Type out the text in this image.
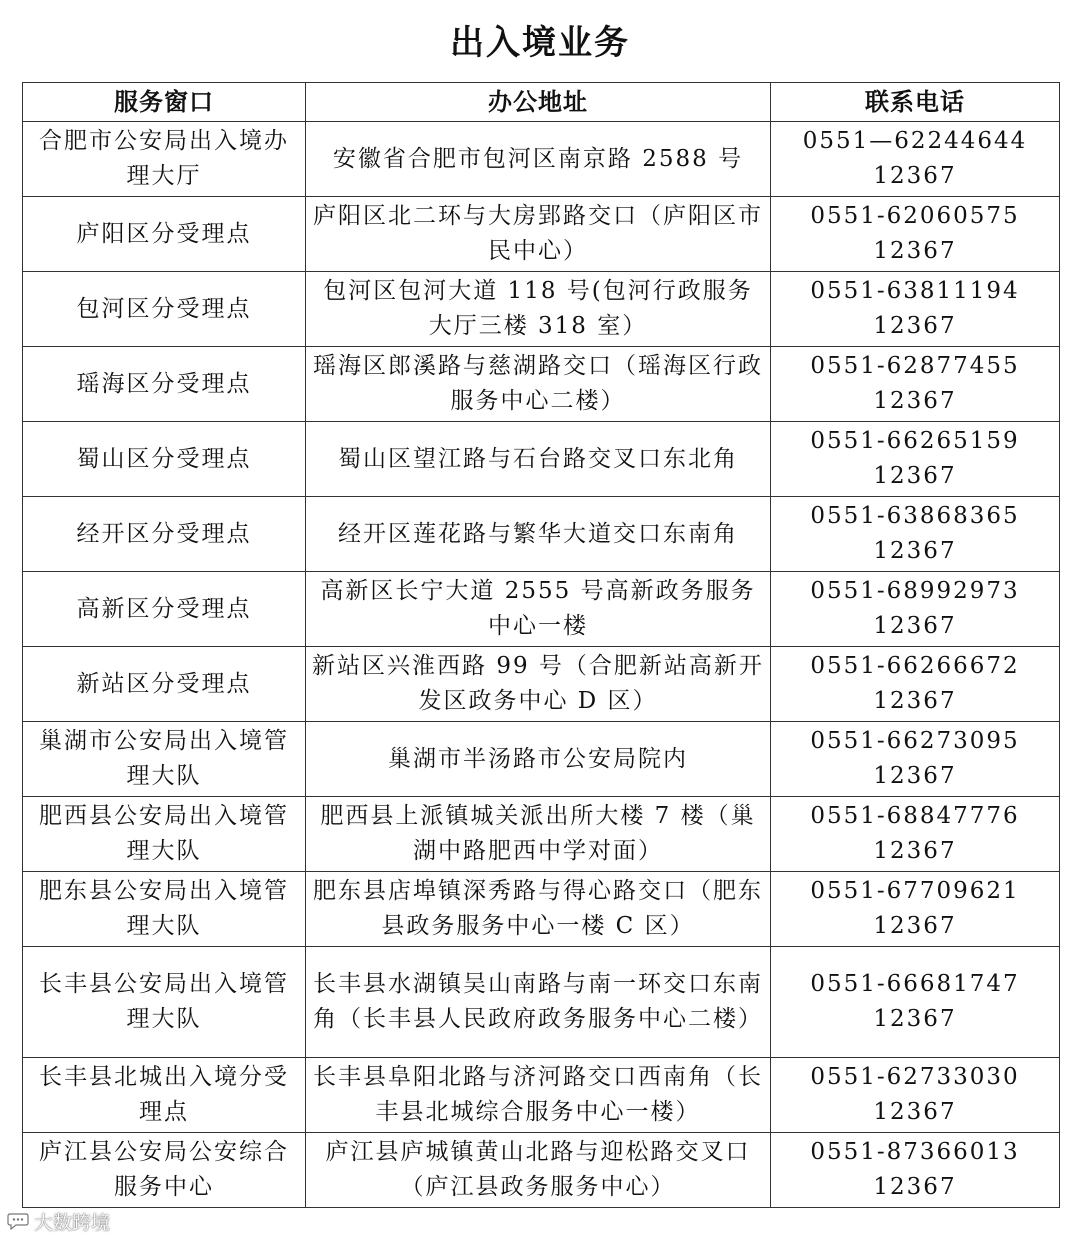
出入境业务
服务窗口	办公地址	联系电话
合肥市公安局出入境办理大厅	安徽省合肥市包河区南京路 2588 号	0551—62244644
12367

庐阳区分受理点	庐阳区北二环与大房郢路交口（庐阳区市民中心）	0551-62060575
12367

包河区分受理点	包河区包河大道 118 号(包河行政服务大厅三楼 318 室）	0551-63811194
12367

瑶海区分受理点	瑶海区郎溪路与慈湖路交口（瑶海区行政服务中心二楼）	0551-62877455
12367

蜀山区分受理点	蜀山区望江路与石台路交叉口东北角	0551-66265159
12367

经开区分受理点	经开区莲花路与繁华大道交口东南角	0551-63868365
12367

高新区分受理点	高新区长宁大道 2555 号高新政务服务中心一楼	0551-68992973
12367

新站区分受理点	新站区兴淮西路 99 号（合肥新站高新开发区政务中心 D 区）	0551-66266672
12367

巢湖市公安局出入境管理大队	巢湖市半汤路市公安局院内	0551-66273095
12367

肥西县公安局出入境管理大队	肥西县上派镇城关派出所大楼 7 楼（巢湖中路肥西中学对面）	0551-68847776
12367

肥东县公安局出入境管理大队	肥东县店埠镇深秀路与得心路交口（肥东县政务服务中心一楼 C 区）	0551-67709621
12367

长丰县公安局出入境管理大队	长丰县水湖镇吴山南路与南一环交口东南角（长丰县人民政府政务服务中心二楼）	0551-66681747
12367

长丰县北城出入境分受理点	长丰县阜阳北路与济河路交口西南角（长丰县北城综合服务中心一楼）	0551-62733030
12367

庐江县公安局公安综合服务中心	庐江县庐城镇黄山北路与迎松路交叉口（庐江县政务服务中心）	0551-87366013
12367
大数跨境
